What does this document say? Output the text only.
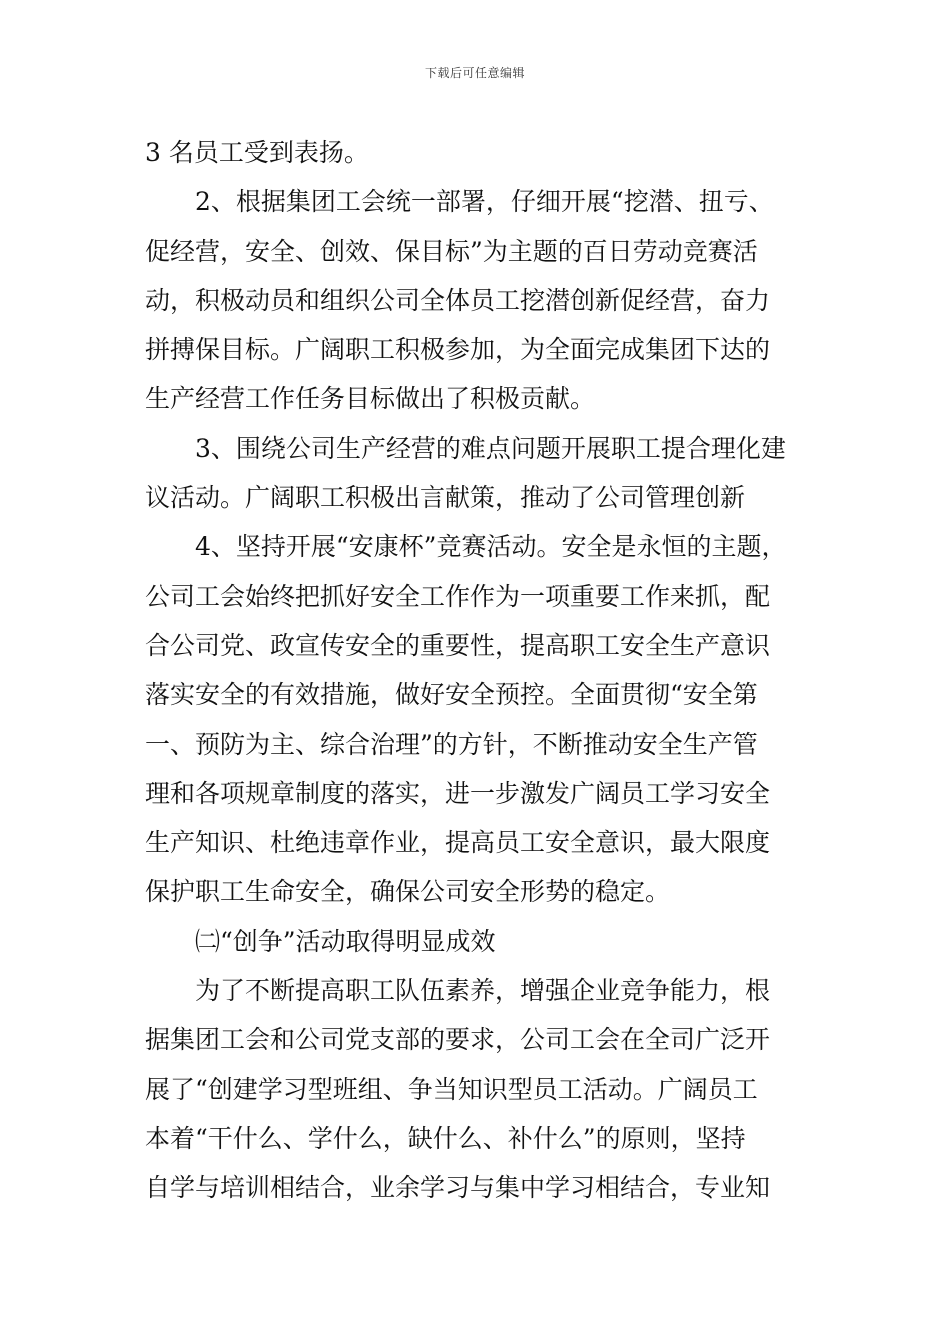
下载后可任意编辑
3 名员工受到表扬。
2、根据集团工会统一部署，仔细开展“挖潜、扭亏、
促经营，安全、创效、保目标”为主题的百日劳动竞赛活
动，积极动员和组织公司全体员工挖潜创新促经营，奋力
拼搏保目标。广阔职工积极参加，为全面完成集团下达的
生产经营工作任务目标做出了积极贡献。
3、围绕公司生产经营的难点问题开展职工提合理化建
议活动。广阔职工积极出言献策，推动了公司管理创新
4、坚持开展“安康杯”竞赛活动。安全是永恒的主题，
公司工会始终把抓好安全工作作为一项重要工作来抓，配
合公司党、政宣传安全的重要性，提高职工安全生产意识
落实安全的有效措施，做好安全预控。全面贯彻“安全第
一、预防为主、综合治理”的方针，不断推动安全生产管
理和各项规章制度的落实，进一步激发广阔员工学习安全
生产知识、杜绝违章作业，提高员工安全意识，最大限度
保护职工生命安全，确保公司安全形势的稳定。
㈡“创争”活动取得明显成效
为了不断提高职工队伍素养，增强企业竞争能力，根
据集团工会和公司党支部的要求，公司工会在全司广泛开
展了“创建学习型班组、争当知识型员工活动。广阔员工
本着“干什么、学什么，缺什么、补什么”的原则，坚持
自学与培训相结合，业余学习与集中学习相结合，专业知
